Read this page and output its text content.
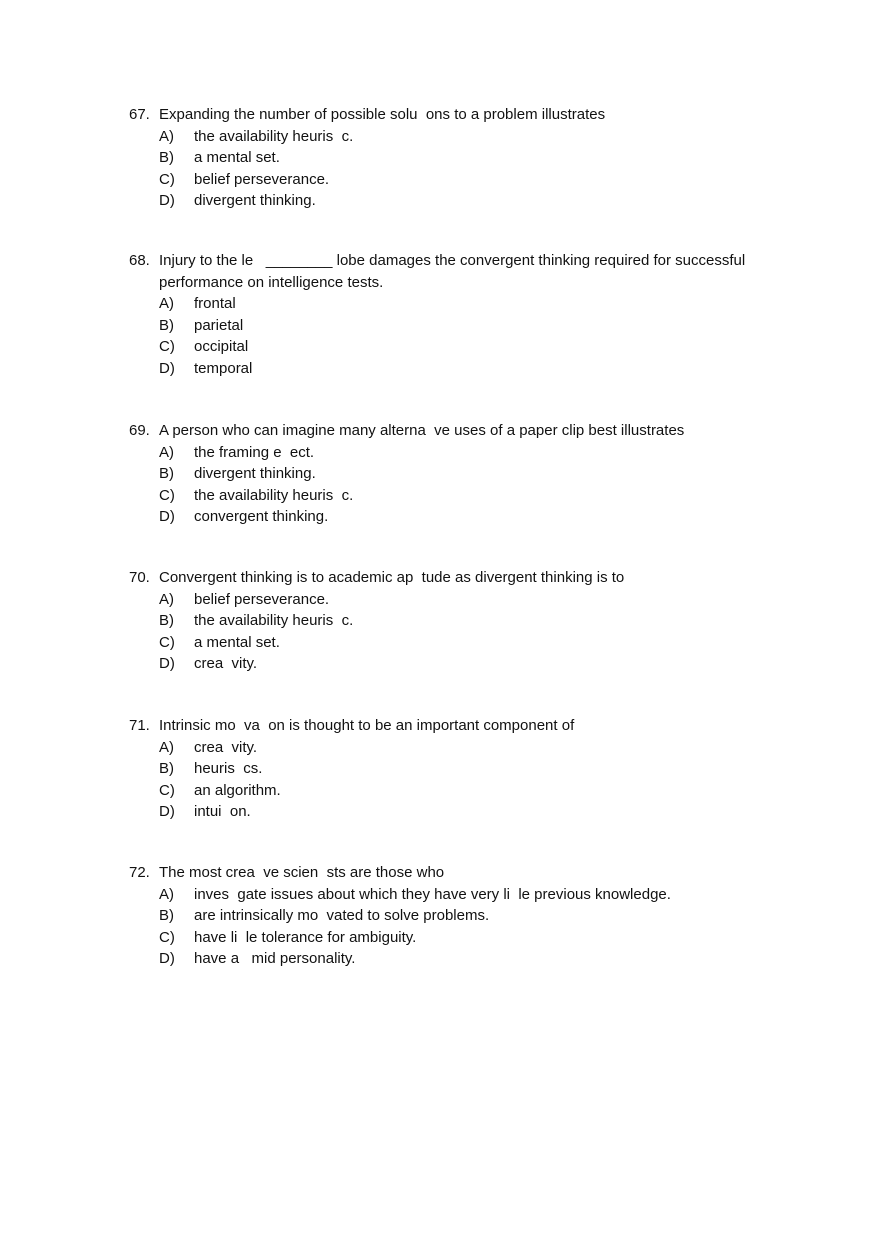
67. Expanding the number of possible solu  ons to a problem illustrates
A)	the availability heuris  c.
B)	a mental set.
C)	belief perseverance.
D)	divergent thinking.
68. Injury to the le   ________ lobe damages the convergent thinking required for successful performance on intelligence tests.
A)	frontal
B)	parietal
C)	occipital
D)	temporal
69. A person who can imagine many alterna  ve uses of a paper clip best illustrates
A)	the framing e  ect.
B)	divergent thinking.
C)	the availability heuris  c.
D)	convergent thinking.
70. Convergent thinking is to academic ap  tude as divergent thinking is to
A)	belief perseverance.
B)	the availability heuris  c.
C)	a mental set.
D)	crea  vity.
71. Intrinsic mo  va  on is thought to be an important component of
A)	crea  vity.
B)	heuris  cs.
C)	an algorithm.
D)	intui  on.
72. The most crea  ve scien  sts are those who
A)	inves  gate issues about which they have very li  le previous knowledge.
B)	are intrinsically mo  vated to solve problems.
C)	have li  le tolerance for ambiguity.
D)	have a   mid personality.
